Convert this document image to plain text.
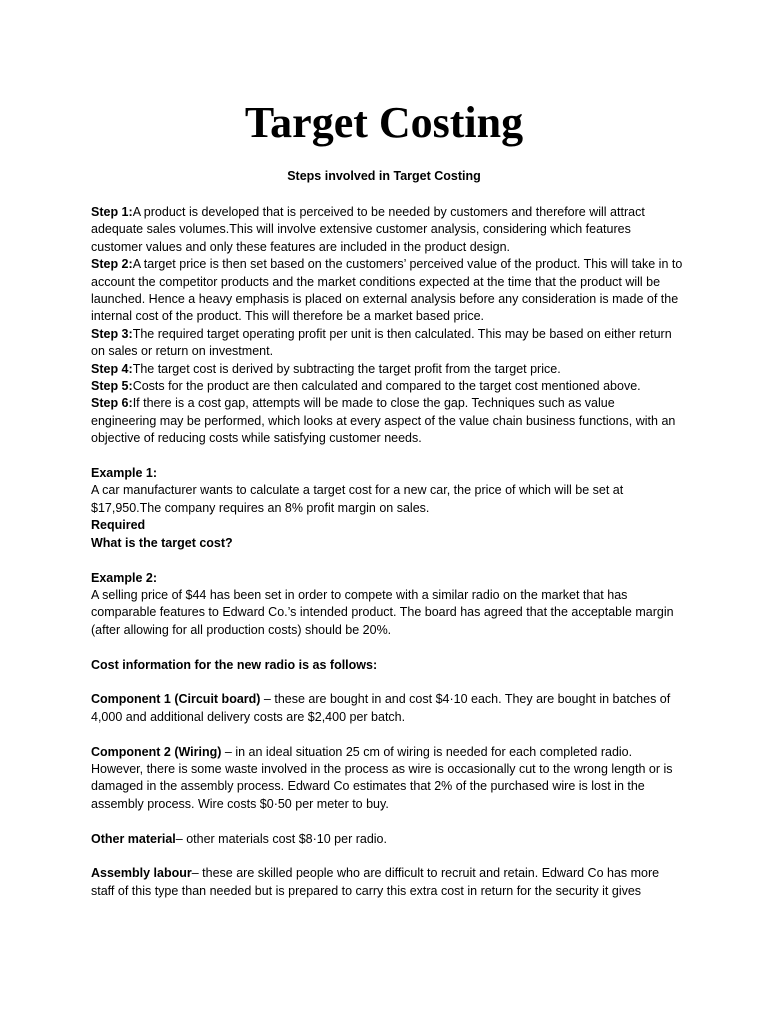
Target Costing

Steps involved in Target Costing

Step 1:A product is developed that is perceived to be needed by customers and therefore will attract adequate sales volumes.This will involve extensive customer analysis, considering which features customer values and only these features are included in the product design.

Step 2:A target price is then set based on the customers’ perceived value of the product. This will take in to account the competitor products and the market conditions expected at the time that the product will be launched. Hence a heavy emphasis is placed on external analysis before any consideration is made of the internal cost of the product. This will therefore be a market based price.

Step 3:The required target operating profit per unit is then calculated. This may be based on either return on sales or return on investment.

Step 4:The target cost is derived by subtracting the target profit from the target price.

Step 5:Costs for the product are then calculated and compared to the target cost mentioned above.

Step 6:If there is a cost gap, attempts will be made to close the gap. Techniques such as value engineering may be performed, which looks at every aspect of the value chain business functions, with an objective of reducing costs while satisfying customer needs.

Example 1:

A car manufacturer wants to calculate a target cost for a new car, the price of which will be set at $17,950.The company requires an 8% profit margin on sales.

Required

What is the target cost?

Example 2:

A selling price of $44 has been set in order to compete with a similar radio on the market that has comparable features to Edward Co.’s intended product. The board has agreed that the acceptable margin (after allowing for all production costs) should be 20%.

Cost information for the new radio is as follows:

Component 1 (Circuit board) – these are bought in and cost $4·10 each. They are bought in batches of 4,000 and additional delivery costs are $2,400 per batch.

Component 2 (Wiring) – in an ideal situation 25 cm of wiring is needed for each completed radio. However, there is some waste involved in the process as wire is occasionally cut to the wrong length or is damaged in the assembly process. Edward Co estimates that 2% of the purchased wire is lost in the assembly process. Wire costs $0·50 per meter to buy.

Other material– other materials cost $8·10 per radio.

Assembly labour– these are skilled people who are difficult to recruit and retain. Edward Co has more staff of this type than needed but is prepared to carry this extra cost in return for the security it gives
